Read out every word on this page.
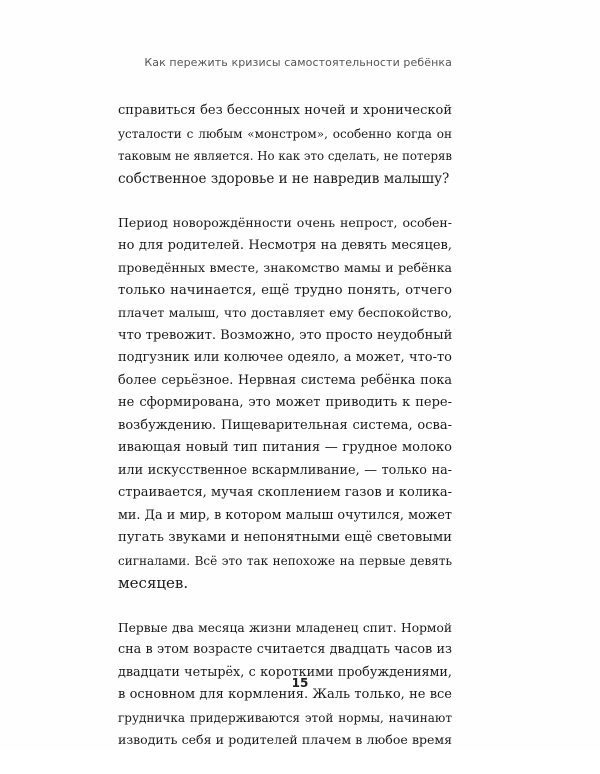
Как пережить кризисы самостоятельности ребёнка

справиться без бессонных ночей и хронической
усталости с любым «монстром», особенно когда он
таковым не является. Но как это сделать, не потеряв
собственное здоровье и не навредив малышу?

Период новорождённости очень непрост, особен-
но для родителей. Несмотря на девять месяцев,
проведённых вместе, знакомство мамы и ребёнка
только начинается, ещё трудно понять, отчего
плачет малыш, что доставляет ему беспокойство,
что тревожит. Возможно, это просто неудобный
подгузник или колючее одеяло, а может, что-то
более серьёзное. Нервная система ребёнка пока
не сформирована, это может приводить к пере-
возбуждению. Пищеварительная система, осва-
ивающая новый тип питания — грудное молоко
или искусственное вскармливание, — только на-
страивается, мучая скоплением газов и колика-
ми. Да и мир, в котором малыш очутился, может
пугать звуками и непонятными ещё световыми
сигналами. Всё это так непохоже на первые девять
месяцев.

Первые два месяца жизни младенец спит. Нормой
сна в этом возрасте считается двадцать часов из
двадцати четырёх, с короткими пробуждениями,
в основном для кормления. Жаль только, не все
грудничка придерживаются этой нормы, начинают
изводить себя и родителей плачем в любое время

15
